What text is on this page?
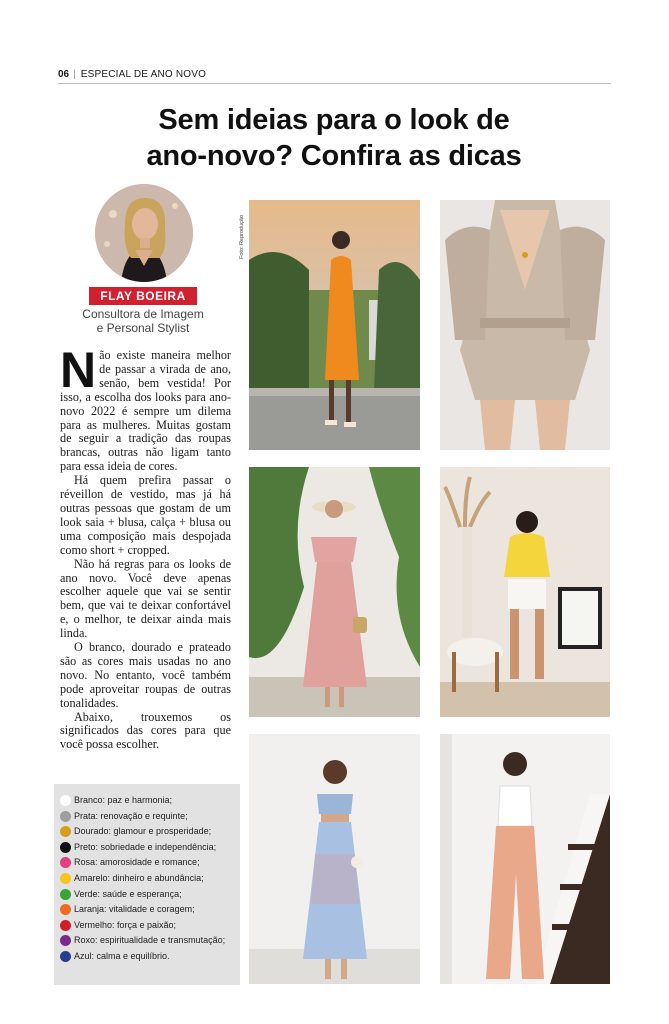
06 | ESPECIAL DE ANO NOVO
Sem ideias para o look de
ano-novo? Confira as dicas
FLAY BOEIRA
Consultora de Imagem
e Personal Stylist

Não existe maneira melhor de passar a virada de ano, senão, bem vestida! Por isso, a escolha dos looks para ano-novo 2022 é sempre um dilema para as mulheres. Muitas gostam de seguir a tradição das roupas brancas, outras não ligam tanto para essa ideia de cores.

Há quem prefira passar o réveillon de vestido, mas já há outras pessoas que gostam de um look saia + blusa, calça + blusa ou uma composição mais despojada como short + cropped.

Não há regras para os looks de ano novo. Você deve apenas escolher aquele que vai se sentir bem, que vai te deixar confortável e, o melhor, te deixar ainda mais linda.

O branco, dourado e prateado são as cores mais usadas no ano novo. No entanto, você também pode aproveitar roupas de outras tonalidades.

Abaixo, trouxemos os significados das cores para que você possa escolher.

Branco: paz e harmonia;
Prata: renovação e requinte;
Dourado: glamour e prosperidade;
Preto: sobriedade e independência;
Rosa: amorosidade e romance;
Amarelo: dinheiro e abundância;
Verde: saúde e esperança;
Laranja: vitalidade e coragem;
Vermelho: força e paixão;
Roxo: espiritualidade e transmutação;
Azul: calma e equilíbrio.
Foto: Reprodução
